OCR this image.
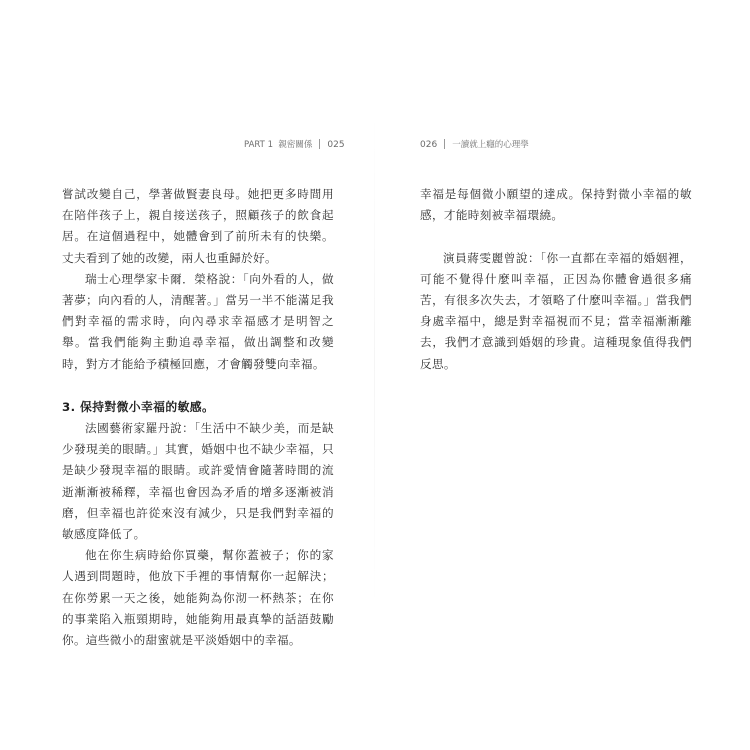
PART 1 親密關係 025

嘗試改變自己，學著做賢妻良母。她把更多時間用在陪伴孩子上，親自接送孩子，照顧孩子的飲食起居。在這個過程中，她體會到了前所未有的快樂。丈夫看到了她的改變，兩人也重歸於好。

瑞士心理學家卡爾．榮格說：「向外看的人，做著夢；向內看的人，清醒著。」當另一半不能滿足我們對幸福的需求時，向內尋求幸福感才是明智之舉。當我們能夠主動追尋幸福，做出調整和改變時，對方才能給予積極回應，才會觸發雙向幸福。

3. 保持對微小幸福的敏感。

法國藝術家羅丹說：「生活中不缺少美，而是缺少發現美的眼睛。」其實，婚姻中也不缺少幸福，只是缺少發現幸福的眼睛。或許愛情會隨著時間的流逝漸漸被稀釋，幸福也會因為矛盾的增多逐漸被消磨，但幸福也許從來沒有減少，只是我們對幸福的敏感度降低了。

他在你生病時給你買藥，幫你蓋被子；你的家人遇到問題時，他放下手裡的事情幫你一起解決；在你勞累一天之後，她能夠為你沏一杯熱茶；在你的事業陷入瓶頸期時，她能夠用最真摯的話語鼓勵你。這些微小的甜蜜就是平淡婚姻中的幸福。

026 一讀就上癮的心理學

幸福是每個微小願望的達成。保持對微小幸福的敏感，才能時刻被幸福環繞。

演員蔣雯麗曾說：「你一直都在幸福的婚姻裡，可能不覺得什麼叫幸福，正因為你體會過很多痛苦，有很多次失去，才領略了什麼叫幸福。」當我們身處幸福中，總是對幸福視而不見；當幸福漸漸離去，我們才意識到婚姻的珍貴。這種現象值得我們反思。
